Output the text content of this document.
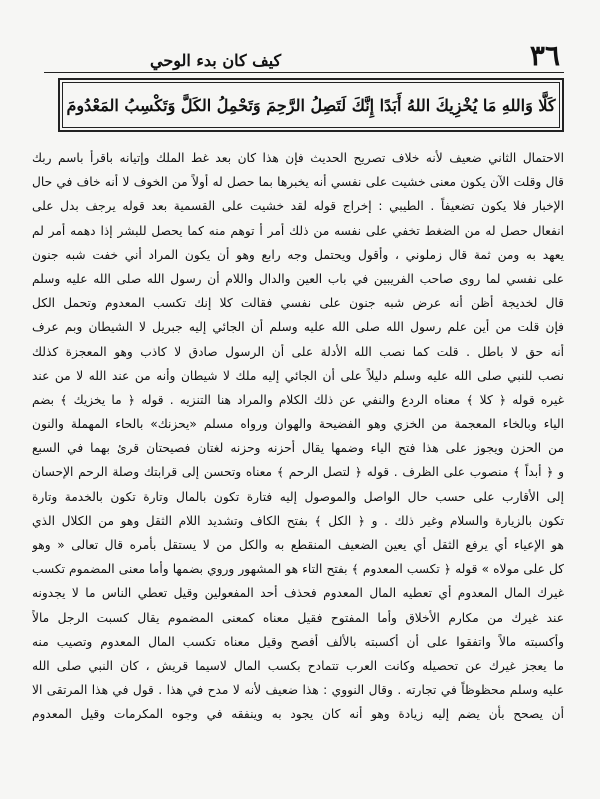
٣٦
كيف كان بدء الوحي
كَلَّا وَاللهِ مَا يُخْزِيكَ اللهُ أَبَدًا إِنَّكَ لَتَصِلُ الرَّحِمَ وَتَحْمِلُ الكَلَّ وَتَكْسِبُ المَعْدُومَ
الاحتمال الثاني ضعيف لأنه خلاف تصريح الحديث فإن هذا كان بعد غط الملك وإتيانه باقرأ باسم ربك
قال وقلت الآن يكون معنى خشيت على نفسي أنه يخبرها بما حصل له أولاً من الخوف لا أنه خاف في حال
الإخبار فلا يكون تضعيفاً . الطيبي : إخراج قوله لقد خشيت على القسمية بعد قوله يرجف بدل على
انفعال حصل له من الضغط تخفي على نفسه من ذلك أمر أ توهم منه كما يحصل للبشر إذا دهمه أمر لم
يعهد به ومن ثمة قال زملوني ، وأقول ويحتمل وجه رابع وهو أن يكون المراد أني خفت شبه جنون
على نفسي لما روى صاحب الفريبين في باب العين والدال واللام أن رسول الله صلى الله عليه وسلم
قال لخديجة أظن أنه عرض شبه جنون على نفسي فقالت كلا إنك تكسب المعدوم وتحمل الكل
فإن قلت من أين علم رسول الله صلى الله عليه وسلم أن الجائي إليه جبريل لا الشيطان وبم عرف
أنه حق لا باطل . قلت كما نصب الله الأدلة على أن الرسول صادق لا كاذب وهو المعجزة كذلك
نصب للنبي صلى الله عليه وسلم دليلاً على أن الجائي إليه ملك لا شيطان وأنه من عند الله لا من عند
غيره قوله ﴿ كلا ﴾ معناه الردع والنفي عن ذلك الكلام والمراد هنا التنزيه . قوله ﴿ ما يخزيك ﴾ بضم
الياء وبالخاء المعجمة من الخزي وهو الفضيحة والهوان ورواه مسلم «يحزنك» بالحاء المهملة والنون
من الحزن ويجوز على هذا فتح الياء وضمها يقال أحزنه وحزنه لغتان فصيحتان قرئ بهما في السبع
و ﴿ أبداً ﴾ منصوب على الظرف . قوله ﴿ لتصل الرحم ﴾ معناه وتحسن إلى قرابتك وصلة الرحم الإحسان
إلى الأقارب على حسب حال الواصل والموصول إليه فتارة تكون بالمال وتارة تكون بالخدمة وتارة
تكون بالزيارة والسلام وغير ذلك . و ﴿ الكل ﴾ بفتح الكاف وتشديد اللام الثقل وهو من الكلال الذي
هو الإعياء أي يرفع الثقل أي يعين الضعيف المنقطع به والكل من لا يستقل بأمره قال تعالى « وهو
كل على مولاه » قوله ﴿ تكسب المعدوم ﴾ بفتح التاء هو المشهور وروي بضمها وأما معنى المضموم تكسب
غيرك المال المعدوم أي تعطيه المال المعدوم فحذف أحد المفعولين وقيل تعطي الناس ما لا يجدونه
عند غيرك من مكارم الأخلاق وأما المفتوح فقيل معناه كمعنى المضموم يقال كسبت الرجل مالاً
وأكسبته مالاً واتفقوا على أن أكسبته بالألف أفصح وقيل معناه تكسب المال المعدوم وتصيب منه
ما يعجز غيرك عن تحصيله وكانت العرب تتمادح بكسب المال لاسيما قريش ، كان النبي صلى الله
عليه وسلم محظوظاً في تجارته . وقال النووي : هذا ضعيف لأنه لا مدح في هذا . قول في هذا المرتقى الا
أن يصحح بأن يضم إليه زيادة وهو أنه كان يجود به وينفقه في وجوه المكرمات وقيل المعدوم
